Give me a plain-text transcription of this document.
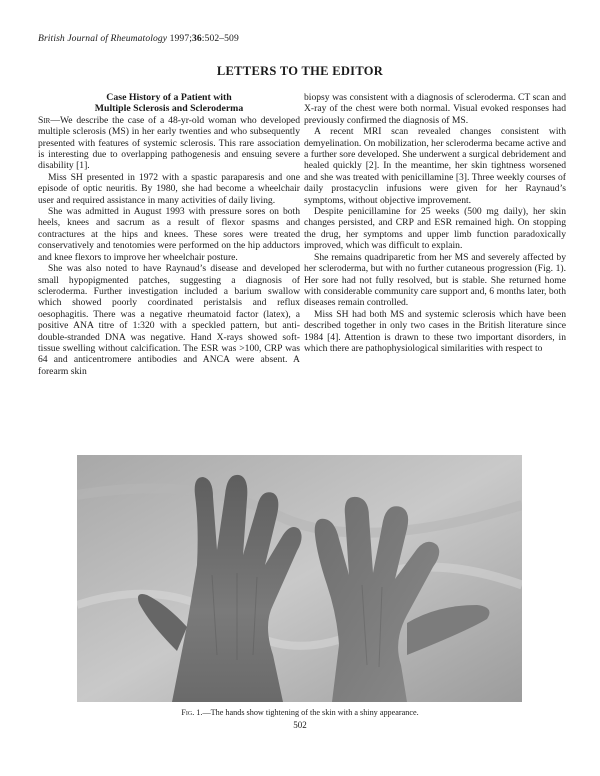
British Journal of Rheumatology 1997;36:502–509
LETTERS TO THE EDITOR
Case History of a Patient with
Multiple Sclerosis and Scleroderma

Sir—We describe the case of a 48-yr-old woman who developed multiple sclerosis (MS) in her early twenties and who subsequently presented with features of systemic sclerosis. This rare association is interesting due to overlapping pathogenesis and ensuing severe disability [1].

Miss SH presented in 1972 with a spastic paraparesis and one episode of optic neuritis. By 1980, she had become a wheelchair user and required assistance in many activities of daily living.

She was admitted in August 1993 with pressure sores on both heels, knees and sacrum as a result of flexor spasms and contractures at the hips and knees. These sores were treated conservatively and tenotomies were performed on the hip adductors and knee flexors to improve her wheelchair posture.

She was also noted to have Raynaud’s disease and developed small hypopigmented patches, suggesting a diagnosis of scleroderma. Further investigation included a barium swallow which showed poorly coordinated peristalsis and reflux oesophagitis. There was a negative rheumatoid factor (latex), a positive ANA titre of 1:320 with a speckled pattern, but anti-double-stranded DNA was negative. Hand X-rays showed soft-tissue swelling without calcification. The ESR was >100, CRP was 64 and anticentromere antibodies and ANCA were absent. A forearm skin

biopsy was consistent with a diagnosis of scleroderma. CT scan and X-ray of the chest were both normal. Visual evoked responses had previously confirmed the diagnosis of MS.

A recent MRI scan revealed changes consistent with demyelination. On mobilization, her scleroderma became active and a further sore developed. She underwent a surgical debridement and healed quickly [2]. In the meantime, her skin tightness worsened and she was treated with penicillamine [3]. Three weekly courses of daily prostacyclin infusions were given for her Raynaud’s symptoms, without objective improvement.

Despite penicillamine for 25 weeks (500 mg daily), her skin changes persisted, and CRP and ESR remained high. On stopping the drug, her symptoms and upper limb function paradoxically improved, which was difficult to explain.

She remains quadriparetic from her MS and severely affected by her scleroderma, but with no further cutaneous progression (Fig. 1). Her sore had not fully resolved, but is stable. She returned home with considerable community care support and, 6 months later, both diseases remain controlled.

Miss SH had both MS and systemic sclerosis which have been described together in only two cases in the British literature since 1984 [4]. Attention is drawn to these two important disorders, in which there are pathophysiological similarities with respect to

Fig. 1.—The hands show tightening of the skin with a shiny appearance.
502
